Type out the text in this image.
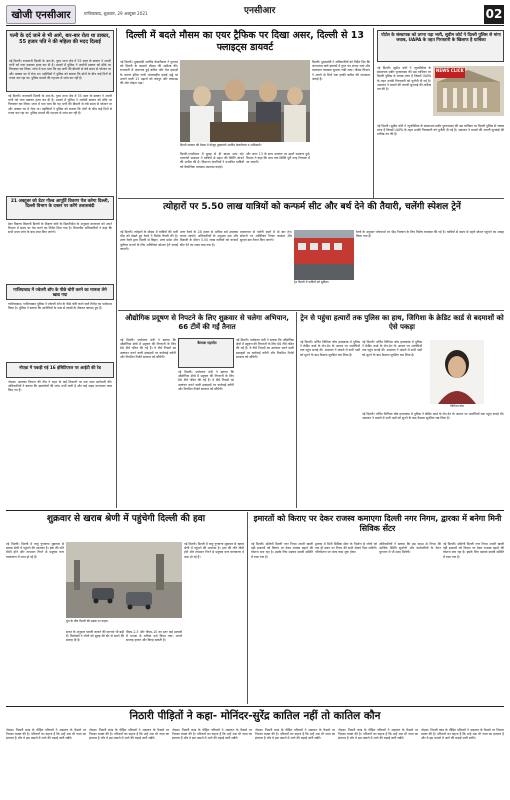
खोजी एनसीआर	गाजियाबाद, शुक्रवार, 29 अक्टूबर 2021	एनसीआर	02
पत्नी के दर्द जाने से भी आगे, बार-बार रोता था डाक्टर, 55 हजार पति ने की महिला की मदद दिलाई
नई दिल्ली। राजधानी दिल्ली के आर.के. पुरम थाना क्षेत्र में 55 साल के डाक्टर ने अपनी पत्नी को गला दबाकर हत्या कर दी है। मामले में पुलिस ने आरोपी डाक्टर को मौके पर गिरफ्तार कर लिया। जांच में पता चला कि वह पत्नी की बीमारी से लंबे समय से परेशान था और अक्सर घर में रोता था। पड़ोसियों ने पुलिस को बताया कि दोनों के बीच कई दिनों से तनाव चल रहा था। पुलिस मामले की गहनता से जांच कर रही है।
नई दिल्ली। राजधानी दिल्ली के आर.के. पुरम थाना क्षेत्र में 55 साल के डाक्टर ने अपनी पत्नी को गला दबाकर हत्या कर दी है। मामले में पुलिस ने आरोपी डाक्टर को मौके पर गिरफ्तार कर लिया। जांच में पता चला कि वह पत्नी की बीमारी से लंबे समय से परेशान था और अक्सर घर में रोता था। पड़ोसियों ने पुलिस को बताया कि दोनों के बीच कई दिनों से तनाव चल रहा था। पुलिस मामले की गहनता से जांच कर रही है।
21 अक्टूबर को डेटर गोल्ड आपूर्ति विवरण पेश करेगा दिल्ली, दिल्ली विभाग के दफ्तर पर करेंगे तलाशबंदी
डेटर विवरण बिलानी दिल्ली के शिक्षण कोर्ट के दिशानिर्देश के अनुसार मंगलवार को अपने विभाग में समय पर पेश करने का निर्देश दिया गया है। विभागीय अधिकारियों ने कहा कि सभी प्रपत्र जांच के बाद जमा किए जाएंगे।
गाजियाबाद में ज्वेलरी शॉप के पीछे चोरी करने का मामला लेने खाद्य गया
गाजियाबाद। गाजियाबाद पुलिस ने ज्वेलरी शॉप के पीछे चोरी करने वाले गिरोह का पर्दाफाश किया है। पुलिस ने बताया कि आरोपियों के पास से लाखों के जेवरात बरामद हुए हैं।
नोएडा में पकड़ी गई 16 इंसिटिएरल पर आईटी की रेड
नोएडा। आयकर विभाग की टीम ने शहर के कई ठिकानों पर एक साथ छापेमारी की। अधिकारियों ने बताया कि दस्तावेजों की जांच अभी जारी है और कई अहम कागजात जब्त किए गए हैं।
दिल्ली में बदले मौसम का एयर ट्रैफिक पर दिखा असर, दिल्ली से 13 फ्लाइट्स डायवर्ट
नई दिल्ली। मुख्यमंत्री अरविंद केजरीवाल ने गुरुवार को दिल्ली के बदलते मौसम की समीक्षा की। राजधानी में अचानक हुई बारिश और तेज हवाओं के कारण इंदिरा गांधी अंतरराष्ट्रीय हवाई अड्डे पर उतरने वाली 13 उड़ानों को जयपुर और लखनऊ की ओर मोड़ना पड़ा।
दिल्ली सरकार की बैठक में मौजूद मुख्यमंत्री अरविंद केजरीवाल व अधिकारी।
दिल्ली। मुख्यमंत्री ने अधिकारियों को निर्देश दिए कि जलभराव वाले इलाकों में तुरंत पंप लगाए जाएं और यातायात व्यवस्था सुचारू रखी जाए। मौसम विभाग ने अगले दो दिनों तक हल्की बारिश की संभावना जताई है।
दिल्ली-एनसीआर में सुबह से ही बादल छाए रहे। एयरपोर्ट प्रशासन ने यात्रियों से उड़ान की स्थिति जांचने की अपील की है। विमानन कंपनियों ने प्रभावित यात्रियों को वैकल्पिक व्यवस्था उपलब्ध कराई।
और अगर 13 के साथ धरातल पर उड़ानें सामान्य हुई। विभाग ने कहा कि शाम तक स्थिति पूरी तरह नियंत्रण में आ जाएगी।
पोर्टल के संस्थापक को ठगना पड़ा भारी, सुप्रीम कोर्ट ने दिल्ली पुलिस से मांगा जवाब, UAPA के तहत गिरफ्तारी के खिलाफ है याचिका
नई दिल्ली। सुप्रीम कोर्ट ने न्यूजक्लिक के संस्थापक प्रबीर पुरकायस्थ की उस याचिका पर दिल्ली पुलिस से जवाब मांगा है जिसमें UAPA के तहत उनकी गिरफ्तारी को चुनौती दी गई है। अदालत ने मामले की अगली सुनवाई की तारीख तय की है।
NEWS CLICK
नई दिल्ली। सुप्रीम कोर्ट ने न्यूजक्लिक के संस्थापक प्रबीर पुरकायस्थ की उस याचिका पर दिल्ली पुलिस से जवाब मांगा है जिसमें UAPA के तहत उनकी गिरफ्तारी को चुनौती दी गई है। अदालत ने मामले की अगली सुनवाई की तारीख तय की है।
त्योहारों पर 5.50 लाख यात्रियों को कन्फर्म सीट और बर्थ देने की तैयारी, चलेंगी स्पेशल ट्रेनें
नई दिल्ली। त्योहारों के मौसम में यात्रियों की भारी भीड़ को देखते हुए रेलवे ने विशेष तैयारी की है। उत्तर रेलवे द्वारा दिल्ली से बिहार, उत्तर प्रदेश और पूर्वोत्तर राज्यों के लिए अतिरिक्त स्पेशल ट्रेनें चलाई जाएंगी।
उत्तर रेलवे के 28 हजार से अधिक बर्थ उपलब्ध कराए जाएंगे। अधिकारियों के अनुसार छठ और दिवाली के दौरान 5.50 लाख यात्रियों को कन्फर्म सीट देने का लक्ष्य रखा गया है।
प्रयागराज से चलेगी हफ्ते में दो बार ट्रेन। स्टेशनों पर अतिरिक्त टिकट काउंटर और सुरक्षा बल तैनात किए जाएंगे।
ट्रेन दिल्ली में यात्रियों को सुविधा।
रेलवे के अनुसार प्लेटफार्म पर भीड़ नियंत्रण के लिए विशेष व्यवस्था की गई है। यात्रियों से समय से पहले स्टेशन पहुंचने का आग्रह किया गया है।
औद्योगिक प्रदूषण से निपटने के लिए शुक्रवार से चलेगा अभियान, 66 टीमें की गईं तैनात
नई दिल्ली। पर्यावरण मंत्री ने बताया कि औद्योगिक क्षेत्रों में प्रदूषण की निगरानी के लिए 66 टीमें गठित की गई हैं। ये टीमें नियमों का उल्लंघन करने वाली इकाइयों पर कार्रवाई करेंगी और नियमित रिपोर्ट सरकार को सौंपेंगी।
कैलाश गहलोत
नई दिल्ली। पर्यावरण मंत्री ने बताया कि औद्योगिक क्षेत्रों में प्रदूषण की निगरानी के लिए 66 टीमें गठित की गई हैं। ये टीमें नियमों का उल्लंघन करने वाली इकाइयों पर कार्रवाई करेंगी और नियमित रिपोर्ट सरकार को सौंपेंगी।
नई दिल्ली। पर्यावरण मंत्री ने बताया कि औद्योगिक क्षेत्रों में प्रदूषण की निगरानी के लिए 66 टीमें गठित की गई हैं। ये टीमें नियमों का उल्लंघन करने वाली इकाइयों पर कार्रवाई करेंगी और नियमित रिपोर्ट सरकार को सौंपेंगी।
ट्रेन से पहुंचा हत्यारों तक पुलिस का हाथ, जिगिशा के क्रेडिट कार्ड से बदमाशों को ऐसे पकड़ा
नई दिल्ली। चर्चित जिगिशा घोष हत्याकांड में पुलिस ने क्रेडिट कार्ड के लेन-देन के आधार पर आरोपियों तक पहुंच बनाई थी। अदालत ने मामले में सभी पक्षों को सुनने के बाद फैसला सुरक्षित रख लिया है।
नई दिल्ली। चर्चित जिगिशा घोष हत्याकांड में पुलिस ने क्रेडिट कार्ड के लेन-देन के आधार पर आरोपियों तक पहुंच बनाई थी। अदालत ने मामले में सभी पक्षों को सुनने के बाद फैसला सुरक्षित रख लिया है।
जिगिशा घोष
नई दिल्ली। चर्चित जिगिशा घोष हत्याकांड में पुलिस ने क्रेडिट कार्ड के लेन-देन के आधार पर आरोपियों तक पहुंच बनाई थी। अदालत ने मामले में सभी पक्षों को सुनने के बाद फैसला सुरक्षित रख लिया है।
शुक्रवार से खराब श्रेणी में पहुंचेगी दिल्ली की हवा
नई दिल्ली। दिल्ली में वायु गुणवत्ता शुक्रवार से खराब श्रेणी में पहुंचने की आशंका है। हवा की गति धीमी होने और तापमान गिरने से प्रदूषक कण वातावरण में जमा हो रहे हैं।
धुंध के बीच दिल्ली की सड़क पर वाहन।
सफर के अनुसार पराली जलाने की घटनाएं भी बढ़ी हैं। विशेषज्ञों ने लोगों को सुबह की सैर से बचने की सलाह दी है।
पीएम-2.5 और पीएम-10 का स्तर कई इलाकों में मानक से अधिक दर्ज किया गया। अगले सप्ताह हालत और बिगड़ सकती है।
नई दिल्ली। दिल्ली में वायु गुणवत्ता शुक्रवार से खराब श्रेणी में पहुंचने की आशंका है। हवा की गति धीमी होने और तापमान गिरने से प्रदूषक कण वातावरण में जमा हो रहे हैं।
इमारतों को किराए पर देकर राजस्व कमाएगा दिल्ली नगर निगम, द्वारका में बनेगा मिनी सिविक सेंटर
नई दिल्ली। दक्षिणी दिल्ली नगर निगम अपनी खाली पड़ी इमारतों को किराए पर देकर राजस्व बढ़ाने की योजना बना रहा है। इसके लिए प्रस्ताव स्थायी समिति में रखा गया है।
द्वारका में मिनी सिविक सेंटर के निर्माण से लोगों को एक ही स्थान पर निगम की सभी सेवाएं मिल सकेंगी। परियोजना पर जल्द काम शुरू होगा।
अधिकारियों ने बताया कि इस कदम से निगम की आर्थिक स्थिति सुधरेगी और कर्मचारियों के वेतन भुगतान में भी मदद मिलेगी।
नई दिल्ली। दक्षिणी दिल्ली नगर निगम अपनी खाली पड़ी इमारतों को किराए पर देकर राजस्व बढ़ाने की योजना बना रहा है। इसके लिए प्रस्ताव स्थायी समिति में रखा गया है।
निठारी पीड़ितों ने कहा- मोनिंदर-सुरेंद्र कातिल नहीं तो कातिल कौन
नोएडा। निठारी कांड के पीड़ित परिवारों ने अदालत के फैसले पर निराशा व्यक्त की है। परिजनों का कहना है कि उन्हें अब भी न्याय का इंतजार है और वे इस मामले में आगे की लड़ाई जारी रखेंगे।
नोएडा। निठारी कांड के पीड़ित परिवारों ने अदालत के फैसले पर निराशा व्यक्त की है। परिजनों का कहना है कि उन्हें अब भी न्याय का इंतजार है और वे इस मामले में आगे की लड़ाई जारी रखेंगे।
नोएडा। निठारी कांड के पीड़ित परिवारों ने अदालत के फैसले पर निराशा व्यक्त की है। परिजनों का कहना है कि उन्हें अब भी न्याय का इंतजार है और वे इस मामले में आगे की लड़ाई जारी रखेंगे।
नोएडा। निठारी कांड के पीड़ित परिवारों ने अदालत के फैसले पर निराशा व्यक्त की है। परिजनों का कहना है कि उन्हें अब भी न्याय का इंतजार है और वे इस मामले में आगे की लड़ाई जारी रखेंगे।
नोएडा। निठारी कांड के पीड़ित परिवारों ने अदालत के फैसले पर निराशा व्यक्त की है। परिजनों का कहना है कि उन्हें अब भी न्याय का इंतजार है और वे इस मामले में आगे की लड़ाई जारी रखेंगे।
नोएडा। निठारी कांड के पीड़ित परिवारों ने अदालत के फैसले पर निराशा व्यक्त की है। परिजनों का कहना है कि उन्हें अब भी न्याय का इंतजार है और वे इस मामले में आगे की लड़ाई जारी रखेंगे।
